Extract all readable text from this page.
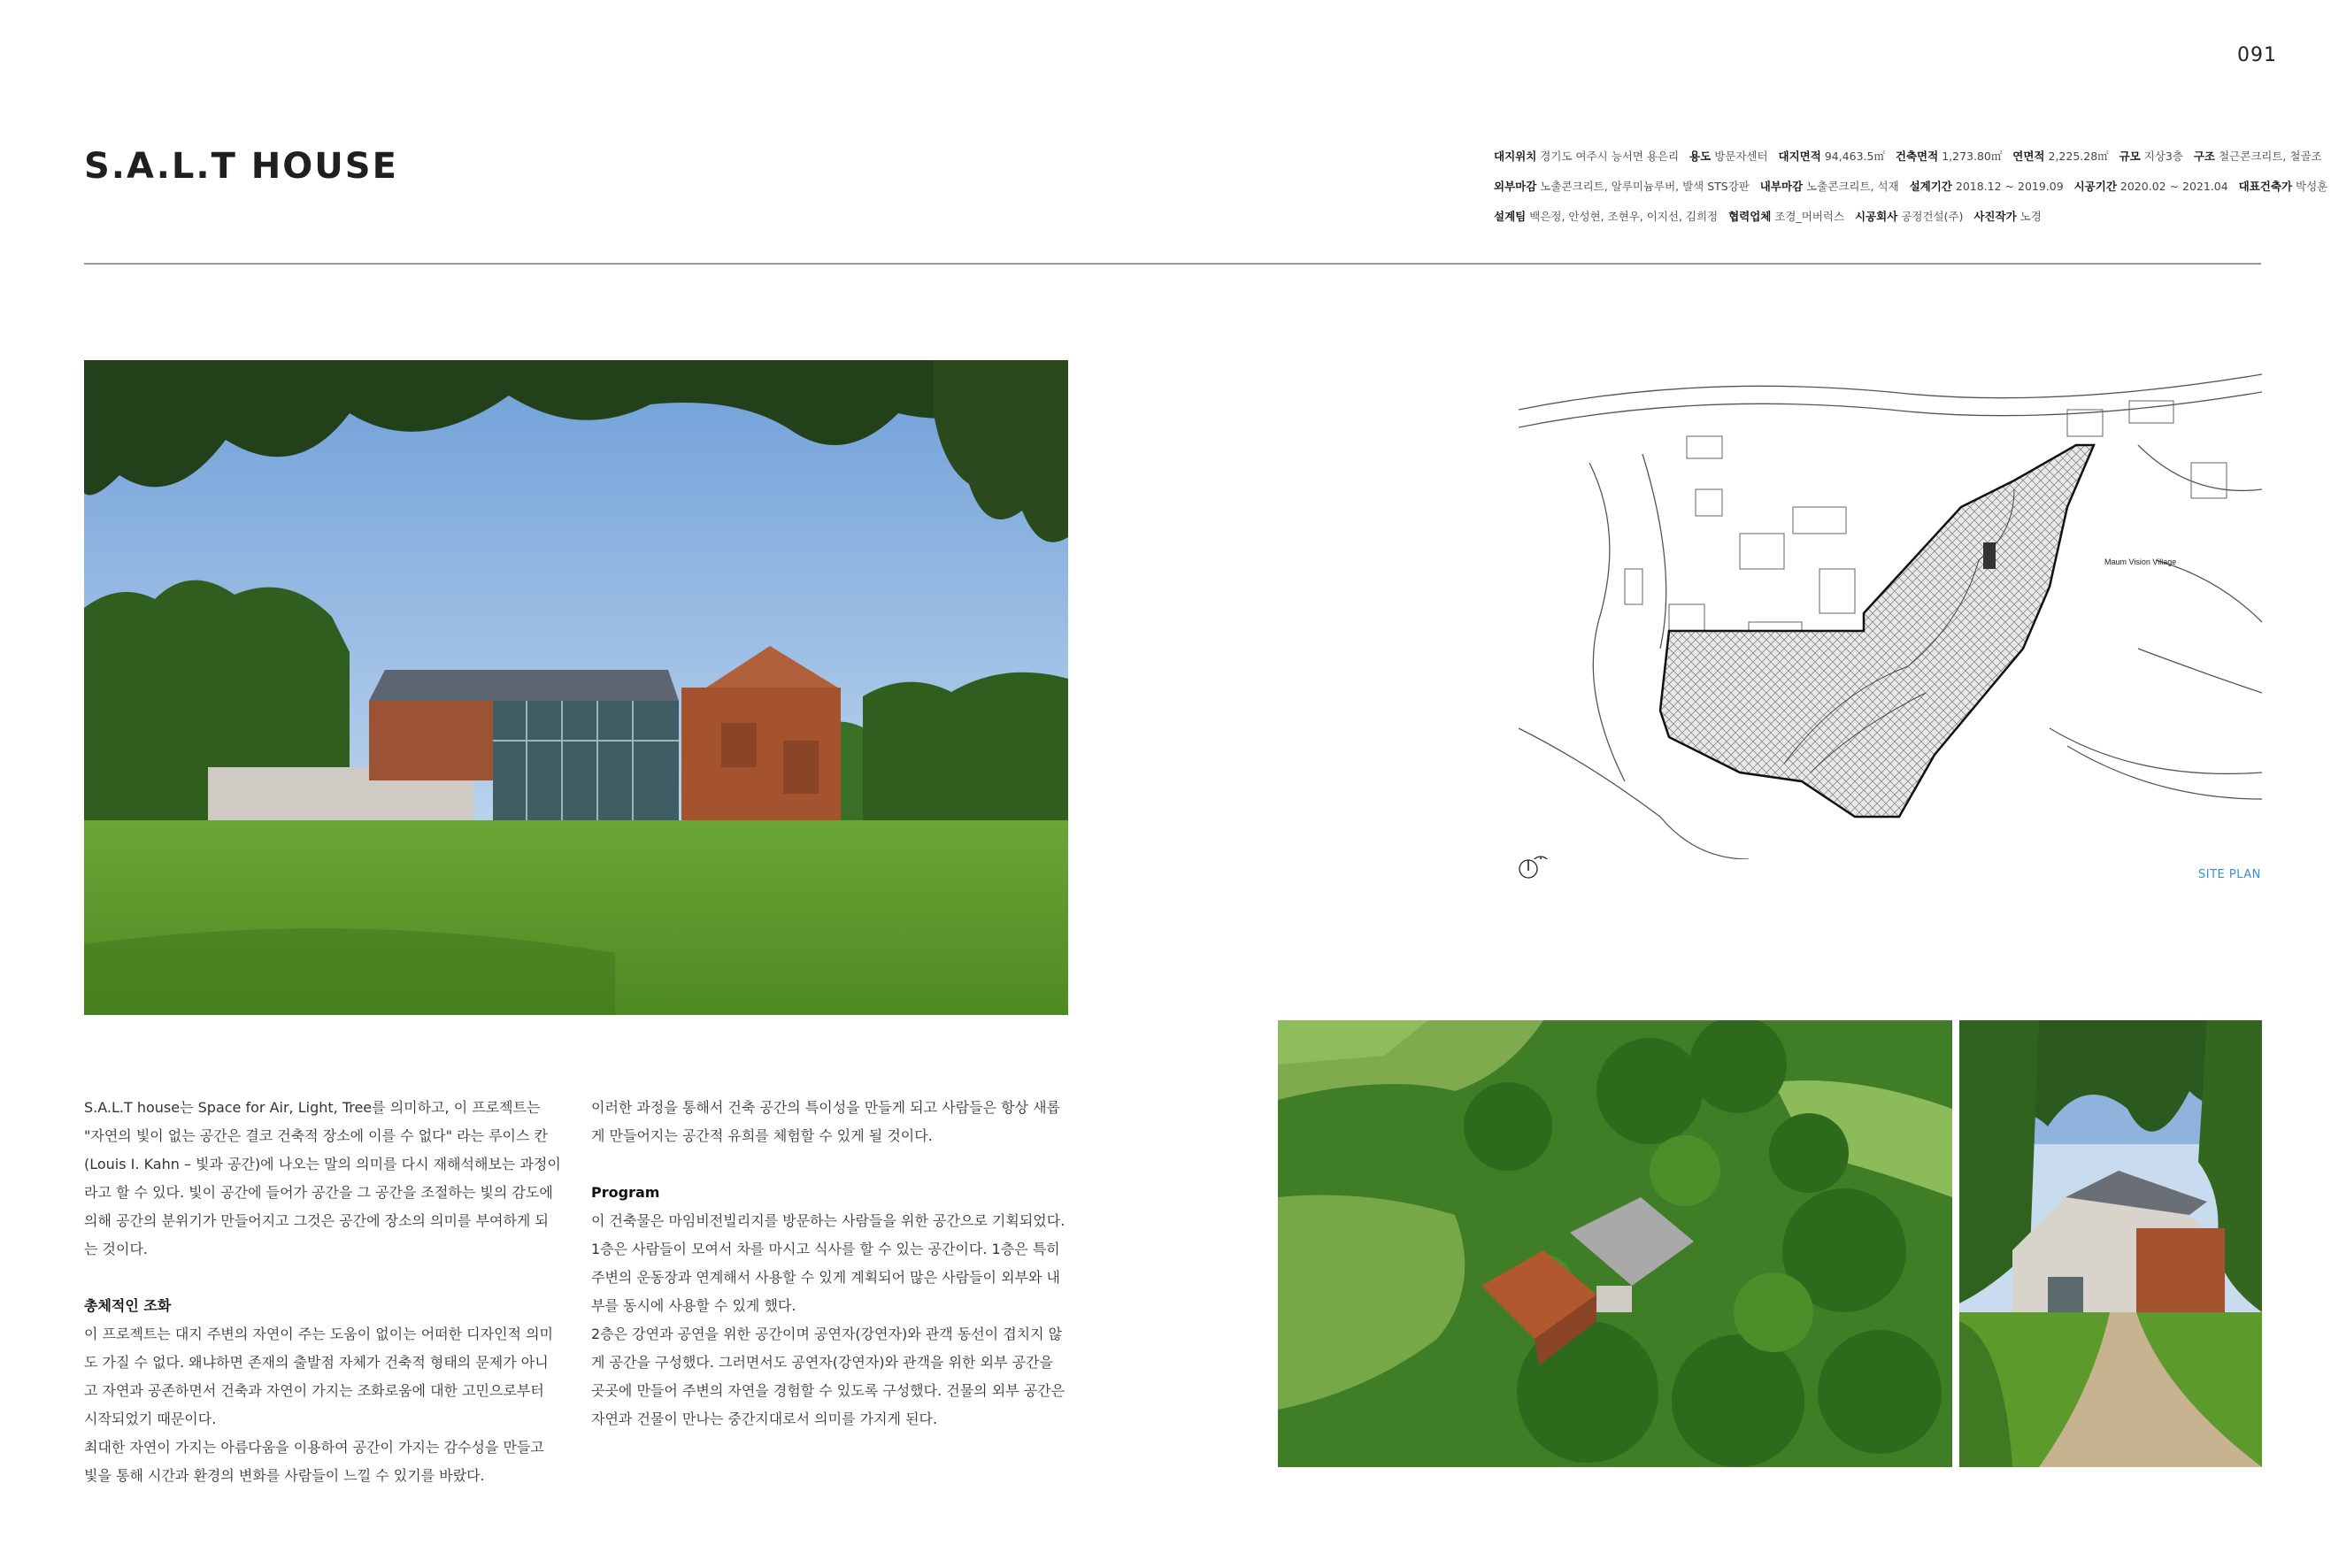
091
S.A.L.T HOUSE	대지위치 경기도 여주시 능서면 용은리 용도 방문자센터 대지면적 94,463.5㎡ 건축면적 1,273.80㎡ 연면적 2,225.28㎡ 규모 지상3층 구조 철근콘크리트, 철골조
외부마감 노출콘크리트, 알루미늄루버, 발색 STS강판 내부마감 노출콘크리트, 석재 설계기간 2018.12 ~ 2019.09 시공기간 2020.02 ~ 2021.04 대표건축가 박성훈
설계팀 백은정, 안성현, 조현우, 이지선, 김희정 협력업체 조경_머버럭스 시공회사 공정건설(주) 사진작가 노경
Maum Vision Village
SITE PLAN

S.A.L.T house는 Space for Air, Light, Tree를 의미하고, 이 프로젝트는 "자연의 빛이 없는 공간은 결코 건축적 장소에 이를 수 없다" 라는 루이스 칸 (Louis I. Kahn – 빛과 공간)에 나오는 말의 의미를 다시 재해석해보는 과정이라고 할 수 있다. 빛이 공간에 들어가 공간을 그 공간을 조절하는 빛의 감도에 의해 공간의 분위기가 만들어지고 그것은 공간에 장소의 의미를 부여하게 되는 것이다.

총체적인 조화

이 프로젝트는 대지 주변의 자연이 주는 도움이 없이는 어떠한 디자인적 의미도 가질 수 없다. 왜냐하면 존재의 출발점 자체가 건축적 형태의 문제가 아니고 자연과 공존하면서 건축과 자연이 가지는 조화로움에 대한 고민으로부터 시작되었기 때문이다.

최대한 자연이 가지는 아름다움을 이용하여 공간이 가지는 감수성을 만들고 빛을 통해 시간과 환경의 변화를 사람들이 느낄 수 있기를 바랐다.

이러한 과정을 통해서 건축 공간의 특이성을 만들게 되고 사람들은 항상 새롭게 만들어지는 공간적 유희를 체험할 수 있게 될 것이다.

Program

이 건축물은 마임비전빌리지를 방문하는 사람들을 위한 공간으로 기획되었다. 1층은 사람들이 모여서 차를 마시고 식사를 할 수 있는 공간이다. 1층은 특히 주변의 운동장과 연계해서 사용할 수 있게 계획되어 많은 사람들이 외부와 내부를 동시에 사용할 수 있게 했다.

2층은 강연과 공연을 위한 공간이며 공연자(강연자)와 관객 동선이 겹치지 않게 공간을 구성했다. 그러면서도 공연자(강연자)와 관객을 위한 외부 공간을 곳곳에 만들어 주변의 자연을 경험할 수 있도록 구성했다. 건물의 외부 공간은 자연과 건물이 만나는 중간지대로서 의미를 가지게 된다.
